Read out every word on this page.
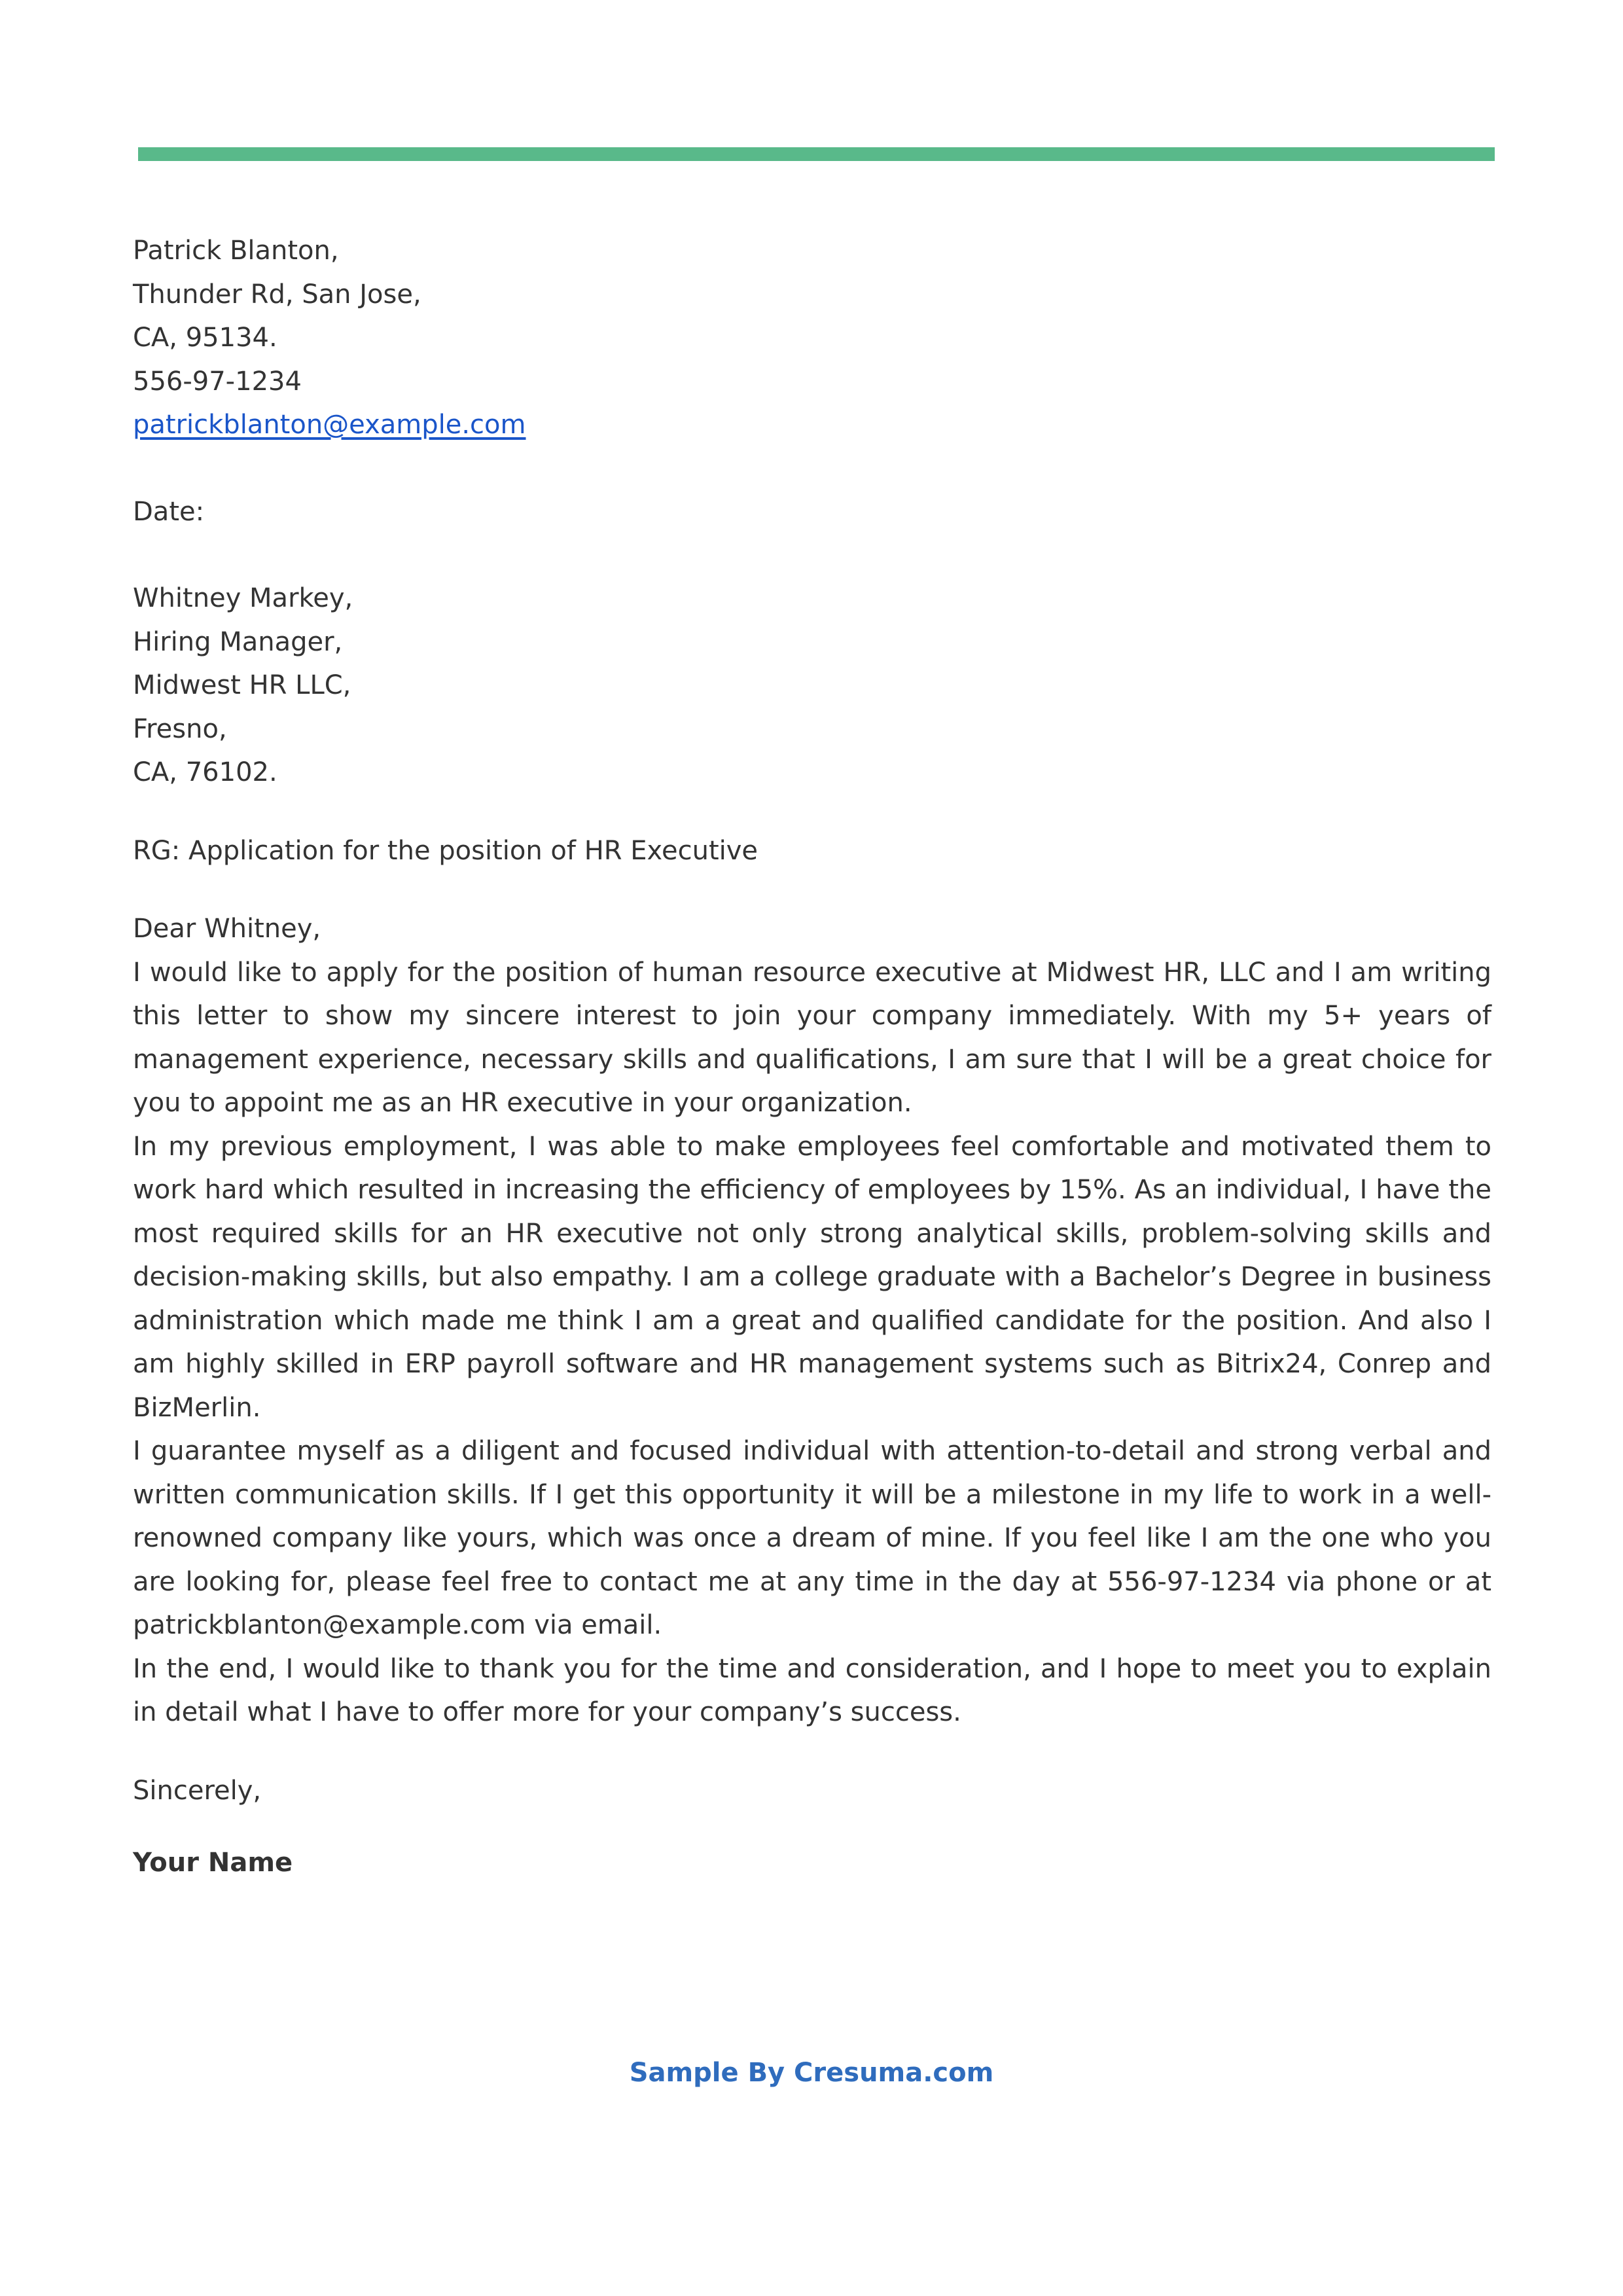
Patrick Blanton,
Thunder Rd, San Jose,
CA, 95134.
556-97-1234
patrickblanton@example.com
Date:
Whitney Markey,
Hiring Manager,
Midwest HR LLC,
Fresno,
CA, 76102.
RG: Application for the position of HR Executive
Dear Whitney,

I would like to apply for the position of human resource executive at Midwest HR, LLC and I am writing this letter to show my sincere interest to join your company immediately. With my 5+ years of management experience, necessary skills and qualifications, I am sure that I will be a great choice for you to appoint me as an HR executive in your organization.

In my previous employment, I was able to make employees feel comfortable and motivated them to work hard which resulted in increasing the efficiency of employees by 15%. As an individual, I have the most required skills for an HR executive not only strong analytical skills, problem-solving skills and decision-making skills, but also empathy. I am a college graduate with a Bachelor’s Degree in business administration which made me think I am a great and qualified candidate for the position. And also I am highly skilled in ERP payroll software and HR management systems such as Bitrix24, Conrep and BizMerlin.

I guarantee myself as a diligent and focused individual with attention-to-detail and strong verbal and written communication skills. If I get this opportunity it will be a milestone in my life to work in a well-renowned company like yours, which was once a dream of mine. If you feel like I am the one who you are looking for, please feel free to contact me at any time in the day at 556-97-1234 via phone or at patrickblanton@example.com via email.

In the end, I would like to thank you for the time and consideration, and I hope to meet you to explain in detail what I have to offer more for your company’s success.

Sincerely,
Your Name
Sample By Cresuma.com
